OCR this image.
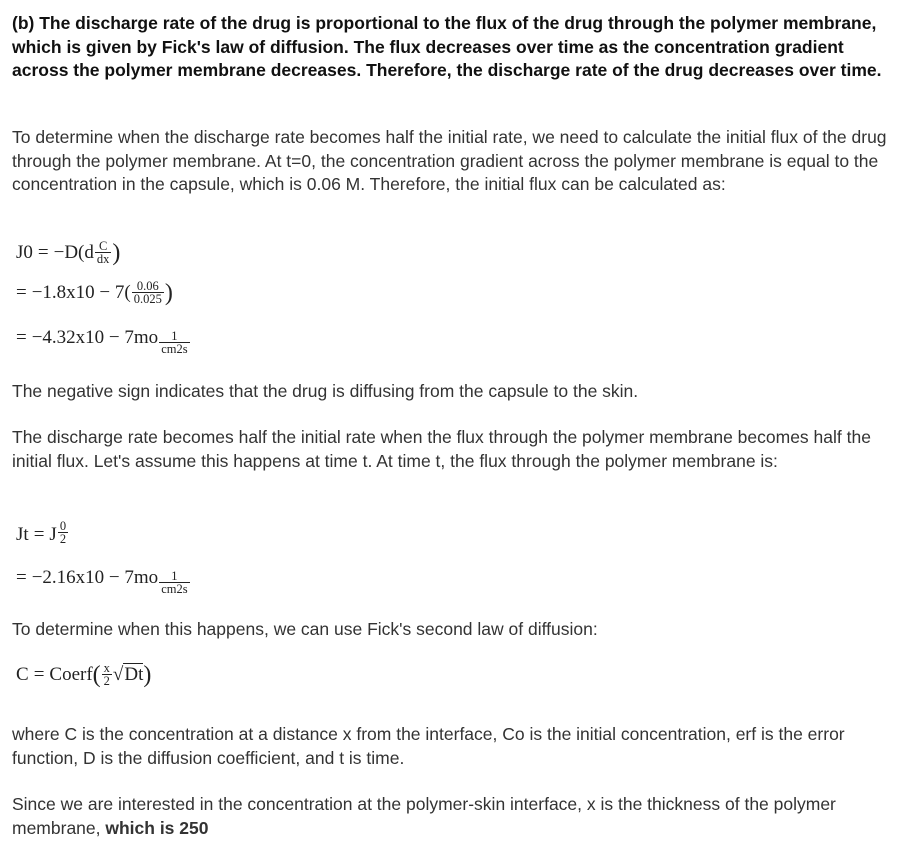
(b) The discharge rate of the drug is proportional to the flux of the drug through the polymer membrane, which is given by Fick's law of diffusion. The flux decreases over time as the concentration gradient across the polymer membrane decreases. Therefore, the discharge rate of the drug decreases over time.

To determine when the discharge rate becomes half the initial rate, we need to calculate the initial flux of the drug through the polymer membrane. At t=0, the concentration gradient across the polymer membrane is equal to the concentration in the capsule, which is 0.06 M. Therefore, the initial flux can be calculated as:

$J0 = -D(d \frac{C}{dx}$ )
= $-1.8x10 - 7( \frac{0.06}{0.025}$ )
= $-4.32x10 - 7mo \frac{1}{cm2s}$

The negative sign indicates that the drug is diffusing from the capsule to the skin.

The discharge rate becomes half the initial rate when the flux through the polymer membrane becomes half the initial flux. Let's assume this happens at time t. At time t, the flux through the polymer membrane is:

Jt = J $\frac{0}{2}$
= $-2.16x10 - 7mo \frac{1}{cm2s}$

To determine when this happens, we can use Fick's second law of diffusion:

C = Coerf ( $\frac{x}{2}$ √ Dt )

where C is the concentration at a distance x from the interface, Co is the initial concentration, erf is the error function, D is the diffusion coefficient, and t is time.

Since we are interested in the concentration at the polymer-skin interface, x is the thickness of the polymer membrane, which is 250
